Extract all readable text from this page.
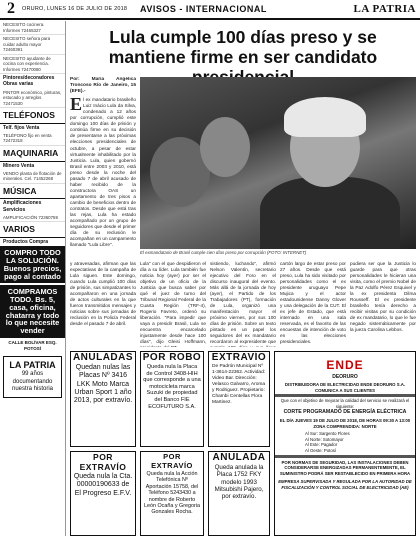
2	ORURO, LUNES 16 DE JULIO DE 2018	AVISOS - INTERNACIONAL	LA PATRIA
NECESITO cocinera. Informes 72465327
NECESITO señora para cuidar adulto mayor 72460391
NECESITO ayudante de cocina con experiencia. Informes 72470080
Pintores/decoradores Obras varias
PINTOR económico, pinturas, estucado y arreglos 72471530
TELÉFONOS
Telf. fijos Venta
TELÉFONO fijo en venta 72472318
MAQUINARIA
Minero Venta
VENDO planta de flotación de minerales. Cel. 71452268
MÚSICA
Amplificaciones Servicios
AMPLIFICACIÓN 72360759
VARIOS
Productos Compra
COMPRO TODO LA SOLUCIÓN. Buenos precios, pago al contado
COMPRAMOS TODO. Bs. 5, casa, oficina, chatarra y todo lo que necesite vender
CALLE BOLÍVAR ESQ. POTOSÍ
LA PATRIA
99 años
documentando nuestra historia
Lula cumple 100 días preso y se mantiene firme en ser candidato
Por: María Angélica Troncoso Río de Janeiro, 15 (EFE).-
E l ex mandatario brasileño Luiz Inácio Lula da Silva, condenado a 12 años por corrupción, cumplió este domingo 100 días de prisión y continúa firme en su decisión de presentarse a las próximas elecciones presidenciales de octubre, a pesar de estar virtualmente inhabilitado por la Justicia. Lula, quien gobernó Brasil entre 2003 y 2010, está preso desde la noche del pasado 7 de abril acusado de haber recibido de la constructora OAS un apartamento de tres pisos a cambio de beneficios dentro de contratos. Desde que está tras las rejas, Lula ha estado acompañado por un grupo de seguidores que desde el primer día de su reclusión le acompañan en un campamento llamado "Lula Libre".
El exmandatario de Brasil cumple cien días preso por corrupción (FOTO: INTERNET)
y atravesadas, afirman que las expectativas de la campaña de Lula siguen. Este domingo, cuando Lula cumplió 100 días de prisión, sus simpatizantes lo acompañaron en una jornada de actos culturales en la que fueron transmitidos mensajes y noticias sobre sus jornadas de reclusión en la Policía Federal desde el pasado 7 de abril.
Lula" con el que despidieron el día a su líder. Lula también fue noticia hoy (ayer) por ser el objetivo de un oficio de la Justicia que busca saber por qué el juez de turno del Tribunal Regional Federal de la Cuarta Región (TRF-4), Rogerio Favreto, ordenó su liberación. "Para impedir que vaya a presidir Brasil, Lula se encuentra encarcelado injustamente desde hace 100 días", dijo Gleisi Hoffmann,
sistiendo, luchando", afirmó Nelson Valentín, secretario ejecutivo del Foro en el discurso inaugural del evento. Más allá de la jornada de hoy (ayer), el Partido de los Trabajadores (PT), formación de Lula, organizó una manifestación mayor el próximo viernes, por sus 100 días de prisión. Sobre un texto pintado en un papel los seguidores del ex mandatario recordaron al expresidente que
cartón largo de estar preso por 27 años. Desde que está preso, Lula ha sido visitado por personalidades como el ex presidente uruguayo Pepe Mujica y el actor estadounidense Danny Glover y una delegación de la CUT. El ex jefe de Estado, que está internado en una sala reservada, es el favorito de las encuestas de intención de voto en las elecciones presidenciales.
pudiera ser que la Justicia lo guarde para que otras personalidades le hicieran una visita, como el premio Nobel de la Paz Adolfo Pérez Esquivel y la ex presidenta Dilma Rousseff. El ex presidente brasileño tenía derecho a recibir visitas por su condición de ex mandatario, lo que le fue negado sistemáticamente por la jueza Carolina Lebbos.
ANULADAS
Quedan nulas las Placas Nº 3416 LKK Moto Marca Urban Sport 1 año 2013, por extravío.
POR ROBO
Queda nula la Placa de Control 3408-HIH que corresponde a una motocicleta marca Suzuki de propiedad del Banco FIE ECOFUTURO S.A.
EXTRAVÍO
De Padrón Municipal Nº 1-3614-22362. Actividad: Video Bar. Dirección: Velasco Galvarro, Aroma y Rodriguez. Propietario: Chambi Centellas Flora Martinez.
POR EXTRAVÍO
Queda nula la Cta. 00000190633 de El Progreso E.F.V.
POR EXTRAVÍO
Queda nula la Acción Telefónica Nº Aportación 15758, del Teléfono 5243430 a nombre de Roberto León Ocaña y Gregoria Gonzales Rocha.
ANULADA
Queda anulada la Placa 1752 FKY modelo 1993 Mitsubishi Pajero, por extravío.
ENDE
DEORURO
DISTRIBUIDORA DE ELECTRICIDAD ENDE DEORURO S.A. COMUNICA A SUS CLIENTES
Que con el objetivo de mejorar la calidad del servicio se realizará el siguiente:
CORTE PROGRAMADO DE ENERGÍA ELÉCTRICA
EL DÍA JUEVES 19 DE JULIO DE 2018, DE HORAS 09:30 A 13:00
ZONA COMPRENDIDA: NORTE
Al Sur: Sargento Flores
Al Norte: Sotomayor
Al Este: Pagador
Al Oeste: Potosí
POR NORMAS DE SEGURIDAD, LAS INSTALACIONES DEBEN CONSIDERARSE ENERGIZADAS PERMANENTEMENTE, EL SUMINISTRO PODRÁ SER RESTABLECIDO EN PRIMERA HORA
EMPRESA SUPERVISADA Y REGULADA POR LA AUTORIDAD DE FISCALIZACIÓN Y CONTROL SOCIAL DE ELECTRICIDAD (AE)
